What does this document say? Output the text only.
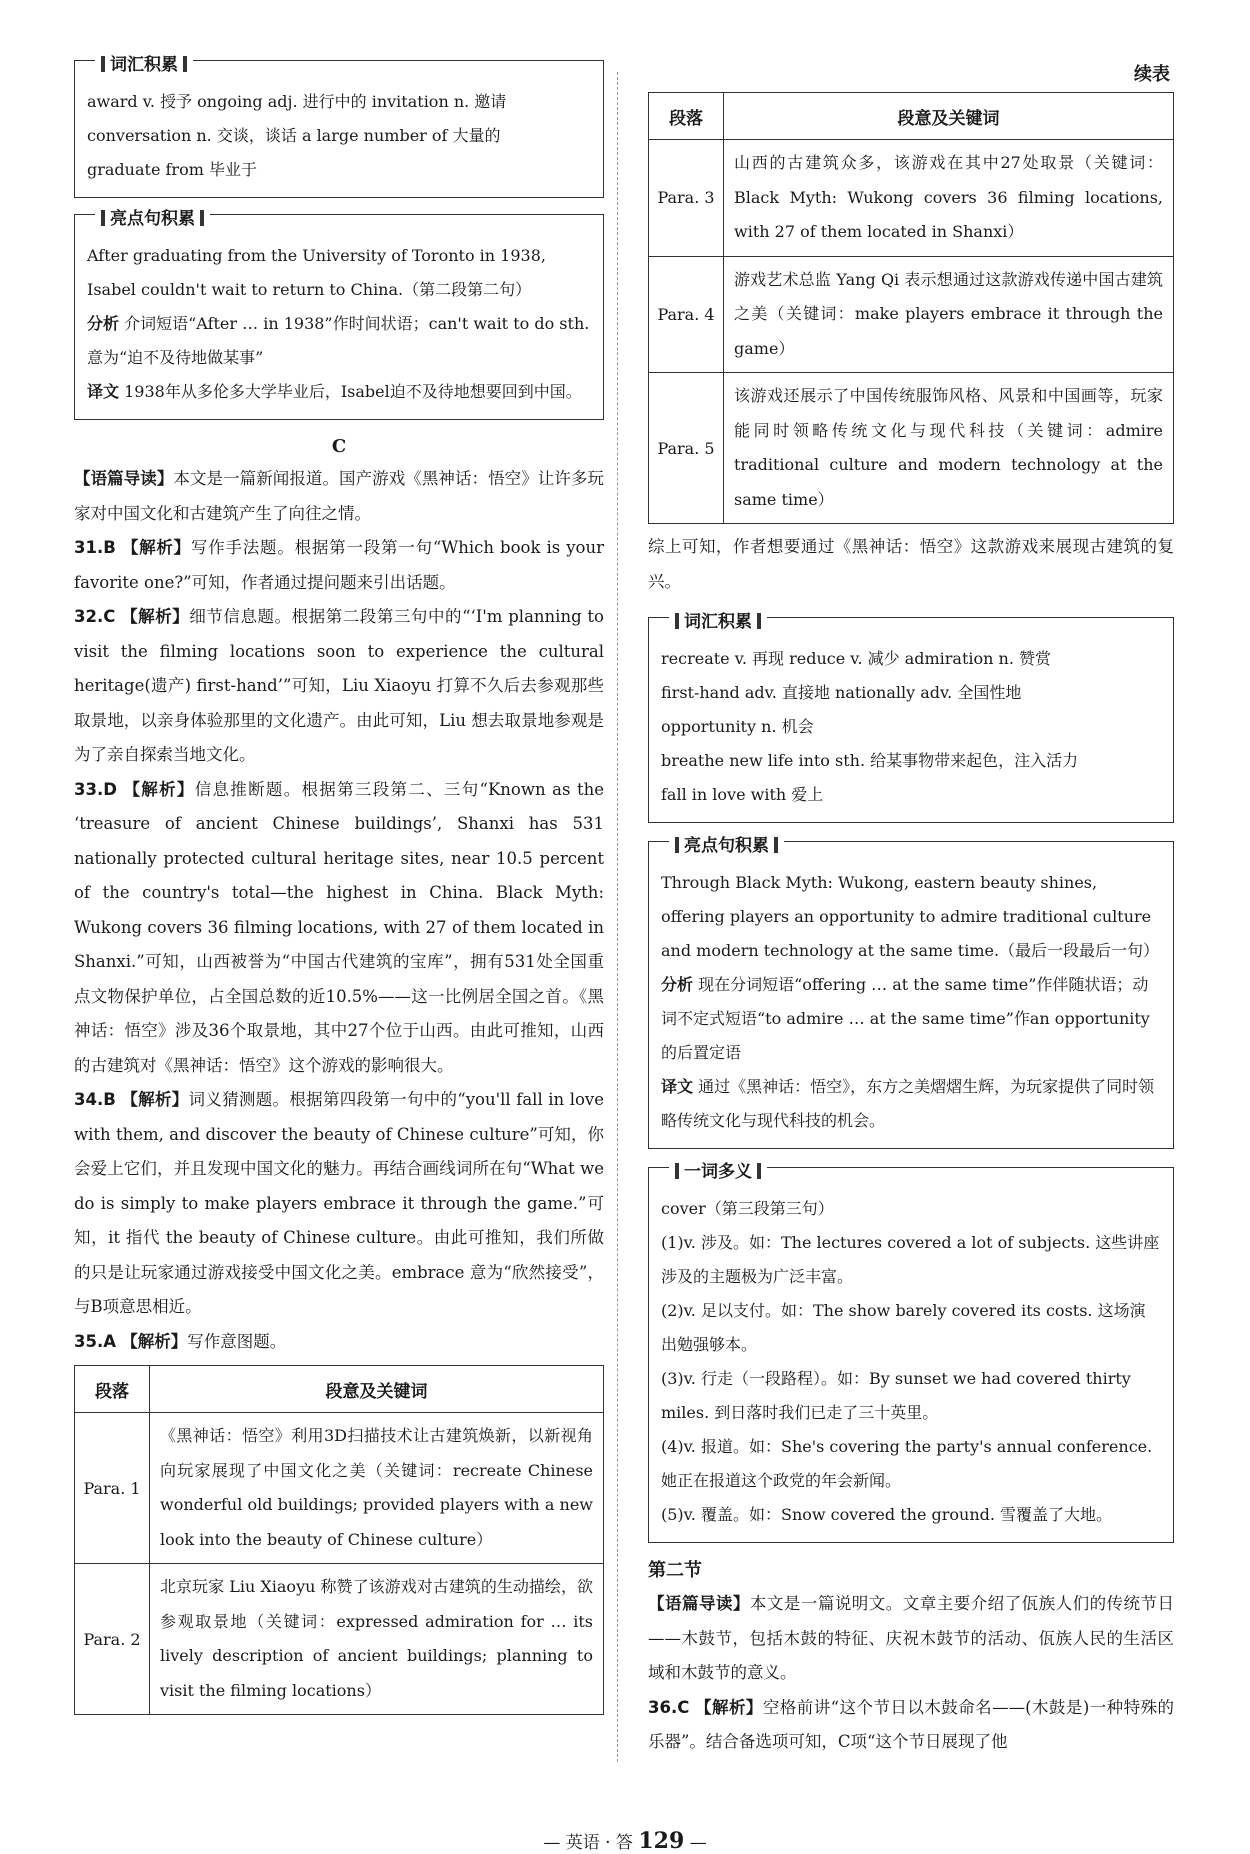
词汇积累
award v. 授予 ongoing adj. 进行中的 invitation n. 邀请
conversation n. 交谈，谈话 a large number of 大量的
graduate from 毕业于
亮点句积累
After graduating from the University of Toronto in 1938, Isabel couldn't wait to return to China.（第二段第二句）
分析 介词短语“After … in 1938”作时间状语；can't wait to do sth. 意为“迫不及待地做某事”
译文 1938年从多伦多大学毕业后，Isabel迫不及待地想要回到中国。
C

【语篇导读】本文是一篇新闻报道。国产游戏《黑神话：悟空》让许多玩家对中国文化和古建筑产生了向往之情。

31.B 【解析】写作手法题。根据第一段第一句“Which book is your favorite one?”可知，作者通过提问题来引出话题。

32.C 【解析】细节信息题。根据第二段第三句中的“‘I'm planning to visit the filming locations soon to experience the cultural heritage(遗产) first-hand’”可知，Liu Xiaoyu 打算不久后去参观那些取景地，以亲身体验那里的文化遗产。由此可知，Liu 想去取景地参观是为了亲自探索当地文化。

33.D 【解析】信息推断题。根据第三段第二、三句“Known as the ‘treasure of ancient Chinese buildings’, Shanxi has 531 nationally protected cultural heritage sites, near 10.5 percent of the country's total—the highest in China. Black Myth: Wukong covers 36 filming locations, with 27 of them located in Shanxi.”可知，山西被誉为“中国古代建筑的宝库”，拥有531处全国重点文物保护单位，占全国总数的近10.5%——这一比例居全国之首。《黑神话：悟空》涉及36个取景地，其中27个位于山西。由此可推知，山西的古建筑对《黑神话：悟空》这个游戏的影响很大。

34.B 【解析】词义猜测题。根据第四段第一句中的“you'll fall in love with them, and discover the beauty of Chinese culture”可知，你会爱上它们，并且发现中国文化的魅力。再结合画线词所在句“What we do is simply to make players embrace it through the game.”可知，it 指代 the beauty of Chinese culture。由此可推知，我们所做的只是让玩家通过游戏接受中国文化之美。embrace 意为“欣然接受”，与B项意思相近。

35.A 【解析】写作意图题。

段落	段意及关键词
Para. 1	《黑神话：悟空》利用3D扫描技术让古建筑焕新，以新视角向玩家展现了中国文化之美（关键词：recreate Chinese wonderful old buildings; provided players with a new look into the beauty of Chinese culture）
Para. 2	北京玩家 Liu Xiaoyu 称赞了该游戏对古建筑的生动描绘，欲参观取景地（关键词：expressed admiration for … its lively description of ancient buildings; planning to visit the filming locations）
续表
段落	段意及关键词
Para. 3	山西的古建筑众多，该游戏在其中27处取景（关键词：Black Myth: Wukong covers 36 filming locations, with 27 of them located in Shanxi）
Para. 4	游戏艺术总监 Yang Qi 表示想通过这款游戏传递中国古建筑之美（关键词：make players embrace it through the game）
Para. 5	该游戏还展示了中国传统服饰风格、风景和中国画等，玩家能同时领略传统文化与现代科技（关键词：admire traditional culture and modern technology at the same time）

综上可知，作者想要通过《黑神话：悟空》这款游戏来展现古建筑的复兴。

词汇积累
recreate v. 再现 reduce v. 减少 admiration n. 赞赏
first-hand adv. 直接地 nationally adv. 全国性地
opportunity n. 机会
breathe new life into sth. 给某事物带来起色，注入活力
fall in love with 爱上
亮点句积累
Through Black Myth: Wukong, eastern beauty shines, offering players an opportunity to admire traditional culture and modern technology at the same time.（最后一段最后一句）
分析 现在分词短语“offering … at the same time”作伴随状语；动词不定式短语“to admire … at the same time”作an opportunity的后置定语
译文 通过《黑神话：悟空》，东方之美熠熠生辉，为玩家提供了同时领略传统文化与现代科技的机会。
一词多义
cover（第三段第三句）
(1)v. 涉及。如：The lectures covered a lot of subjects. 这些讲座涉及的主题极为广泛丰富。
(2)v. 足以支付。如：The show barely covered its costs. 这场演出勉强够本。
(3)v. 行走（一段路程）。如：By sunset we had covered thirty miles. 到日落时我们已走了三十英里。
(4)v. 报道。如：She's covering the party's annual conference. 她正在报道这个政党的年会新闻。
(5)v. 覆盖。如：Snow covered the ground. 雪覆盖了大地。
第二节

【语篇导读】本文是一篇说明文。文章主要介绍了佤族人们的传统节日——木鼓节，包括木鼓的特征、庆祝木鼓节的活动、佤族人民的生活区域和木鼓节的意义。

36.C 【解析】空格前讲“这个节日以木鼓命名——(木鼓是)一种特殊的乐器”。结合备选项可知，C项“这个节日展现了他

— 英语 · 答 129 —
